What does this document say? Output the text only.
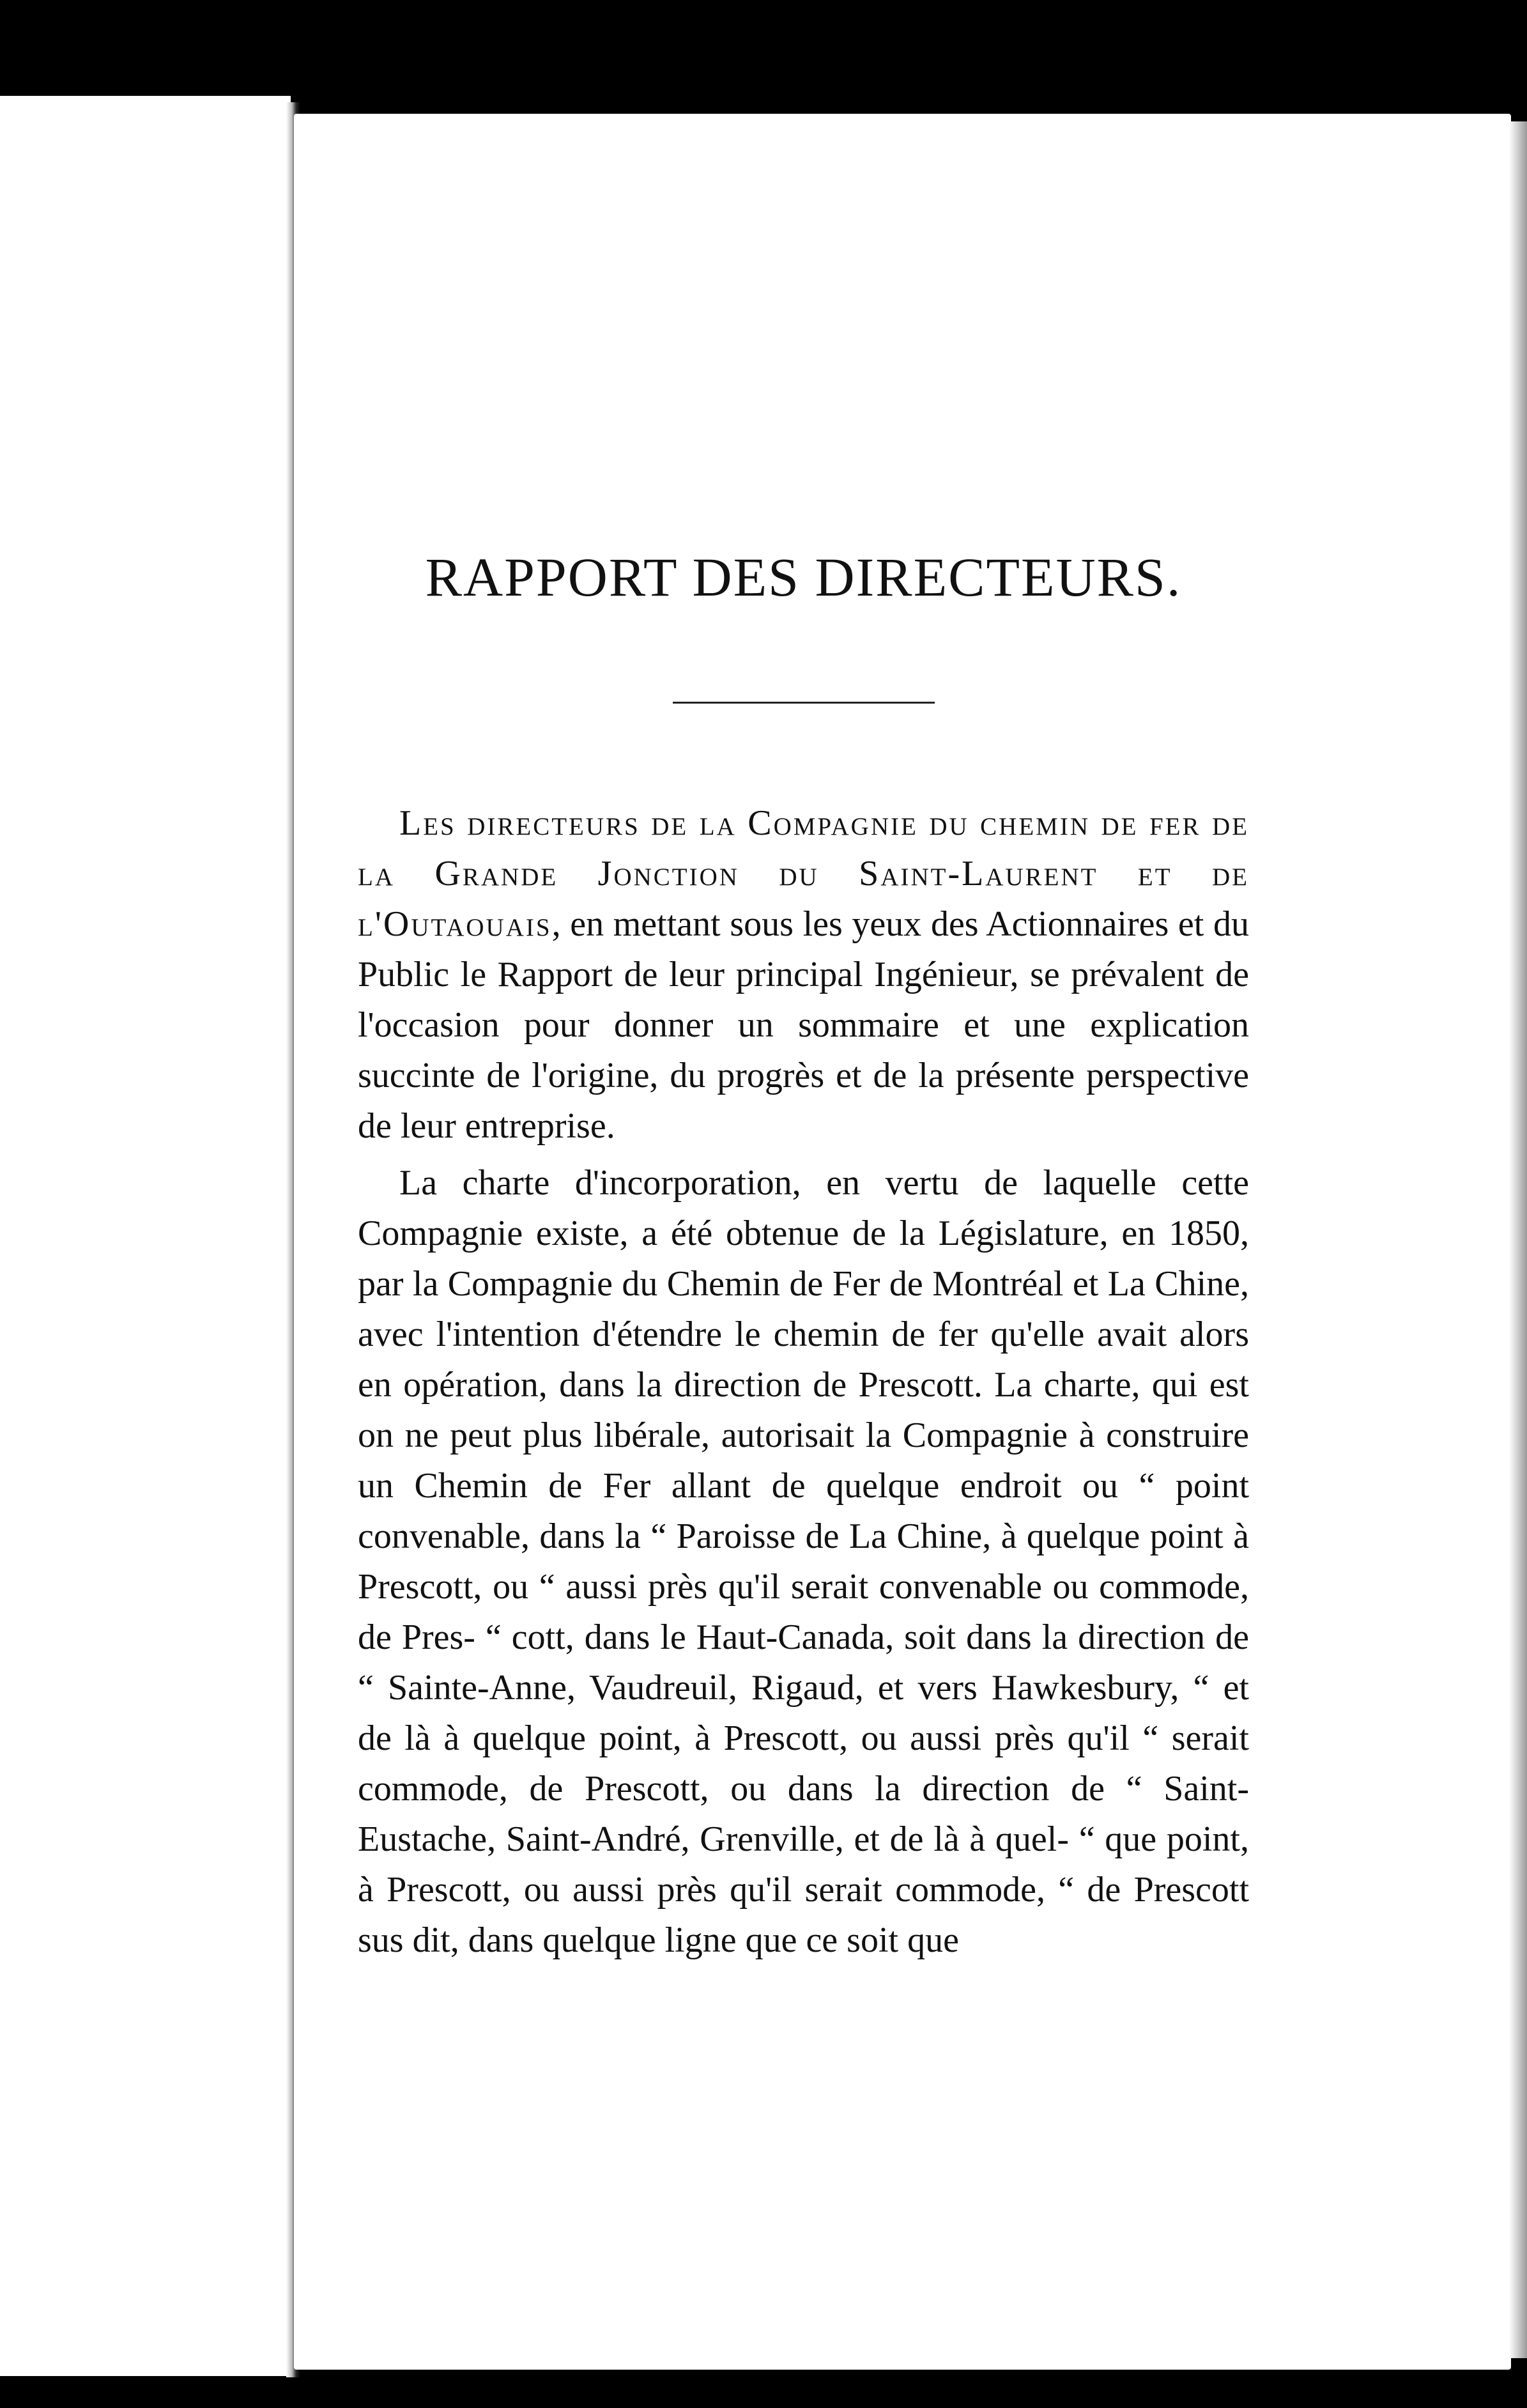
RAPPORT DES DIRECTEURS.

Les directeurs de la Compagnie du chemin de fer de la Grande Jonction du Saint-Laurent et de l'Outaouais, en mettant sous les yeux des Actionnaires et du Public le Rapport de leur principal Ingénieur, se prévalent de l'occasion pour donner un sommaire et une explication succinte de l'origine, du progrès et de la présente perspective de leur entreprise.

La charte d'incorporation, en vertu de laquelle cette Compagnie existe, a été obtenue de la Législature, en 1850, par la Compagnie du Chemin de Fer de Montréal et La Chine, avec l'intention d'étendre le chemin de fer qu'elle avait alors en opération, dans la direction de Prescott. La charte, qui est on ne peut plus libérale, autorisait la Compagnie à construire un Chemin de Fer allant de quelque endroit ou “ point convenable, dans la “ Paroisse de La Chine, à quelque point à Prescott, ou “ aussi près qu'il serait convenable ou commode, de Pres- “ cott, dans le Haut-Canada, soit dans la direction de “ Sainte-Anne, Vaudreuil, Rigaud, et vers Hawkesbury, “ et de là à quelque point, à Prescott, ou aussi près qu'il “ serait commode, de Prescott, ou dans la direction de “ Saint-Eustache, Saint-André, Grenville, et de là à quel- “ que point, à Prescott, ou aussi près qu'il serait commode, “ de Prescott sus dit, dans quelque ligne que ce soit que
